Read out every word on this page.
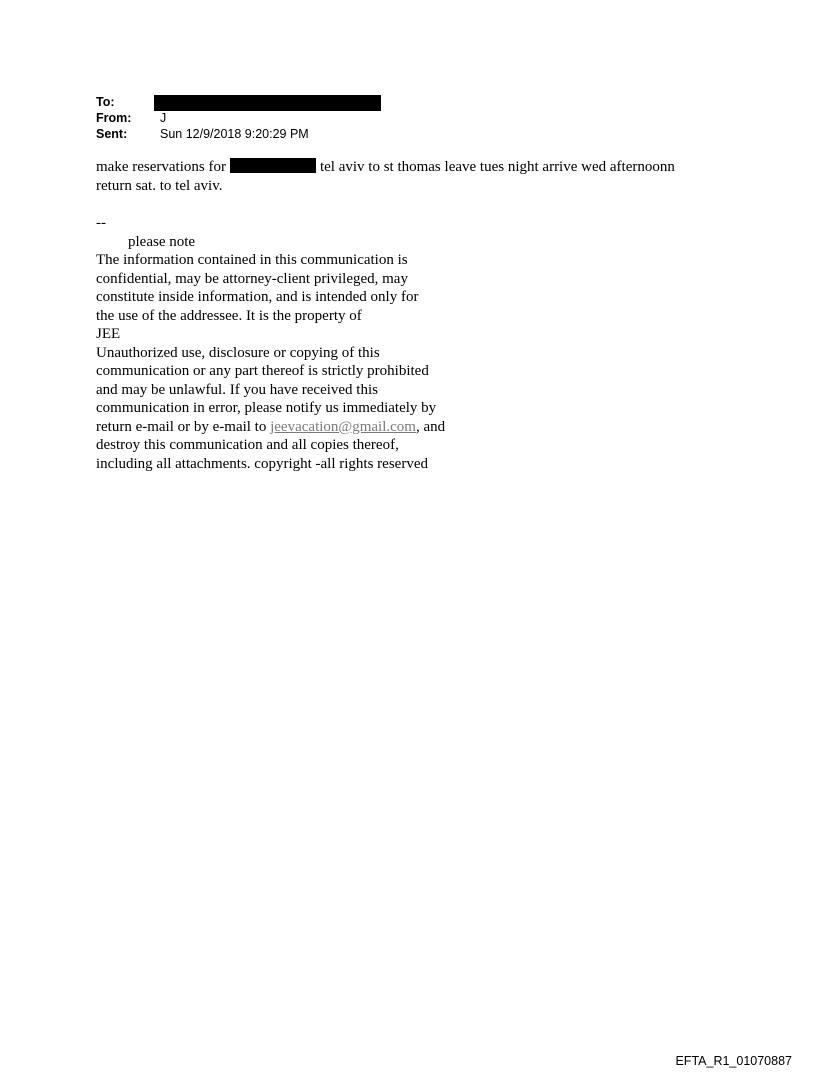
To:
From: J
Sent:	Sun 12/9/2018 9:20:29 PM
make reservations for	tel aviv to st thomas leave tues night arrive wed afternoonn
return sat. to tel aviv.
--
please note
The information contained in this communication is
confidential, may be attorney-client privileged, may
constitute inside information, and is intended only for
the use of the addressee. It is the property of
JEE
Unauthorized use, disclosure or copying of this
communication or any part thereof is strictly prohibited
and may be unlawful. If you have received this
communication in error, please notify us immediately by
return e-mail or by e-mail to jeevacation@gmail.com, and
destroy this communication and all copies thereof,
including all attachments. copyright -all rights reserved
EFTA_R1_01070887
